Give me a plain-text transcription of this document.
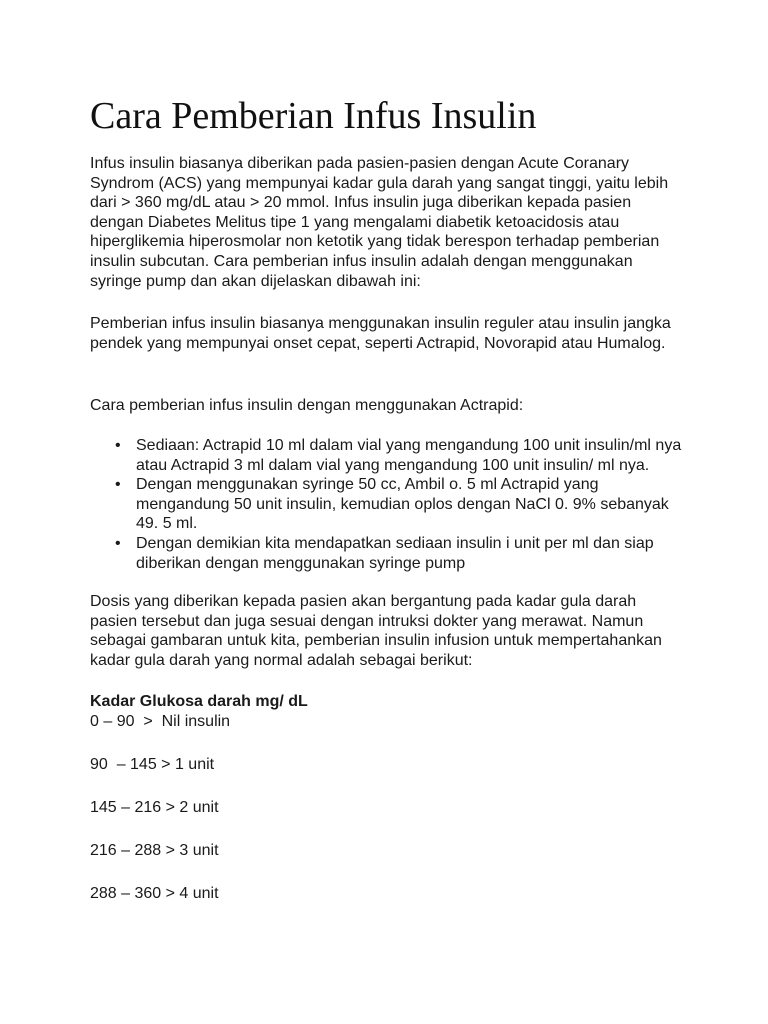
Cara Pemberian Infus Insulin

Infus insulin biasanya diberikan pada pasien-pasien dengan Acute Coranary Syndrom (ACS) yang mempunyai kadar gula darah yang sangat tinggi, yaitu lebih dari > 360 mg/dL atau > 20 mmol. Infus insulin juga diberikan kepada pasien dengan Diabetes Melitus tipe 1 yang mengalami diabetik ketoacidosis atau hiperglikemia hiperosmolar non ketotik yang tidak berespon terhadap pemberian insulin subcutan. Cara pemberian infus insulin adalah dengan menggunakan syringe pump dan akan dijelaskan dibawah ini:

Pemberian infus insulin biasanya menggunakan insulin reguler atau insulin jangka pendek yang mempunyai onset cepat, seperti Actrapid, Novorapid atau Humalog.

Cara pemberian infus insulin dengan menggunakan Actrapid:

• Sediaan: Actrapid 10 ml dalam vial yang mengandung 100 unit insulin/ml nya atau Actrapid 3 ml dalam vial yang mengandung 100 unit insulin/ ml nya.
• Dengan menggunakan syringe 50 cc, Ambil o. 5 ml Actrapid yang mengandung 50 unit insulin, kemudian oplos dengan NaCl 0. 9% sebanyak 49. 5 ml.
• Dengan demikian kita mendapatkan sediaan insulin i unit per ml dan siap diberikan dengan menggunakan syringe pump

Dosis yang diberikan kepada pasien akan bergantung pada kadar gula darah pasien tersebut dan juga sesuai dengan intruksi dokter yang merawat. Namun sebagai gambaran untuk kita, pemberian insulin infusion untuk mempertahankan kadar gula darah yang normal adalah sebagai berikut:

Kadar Glukosa darah mg/ dL

0 – 90  >  Nil insulin

90  – 145 > 1 unit

145 – 216 > 2 unit

216 – 288 > 3 unit

288 – 360 > 4 unit
